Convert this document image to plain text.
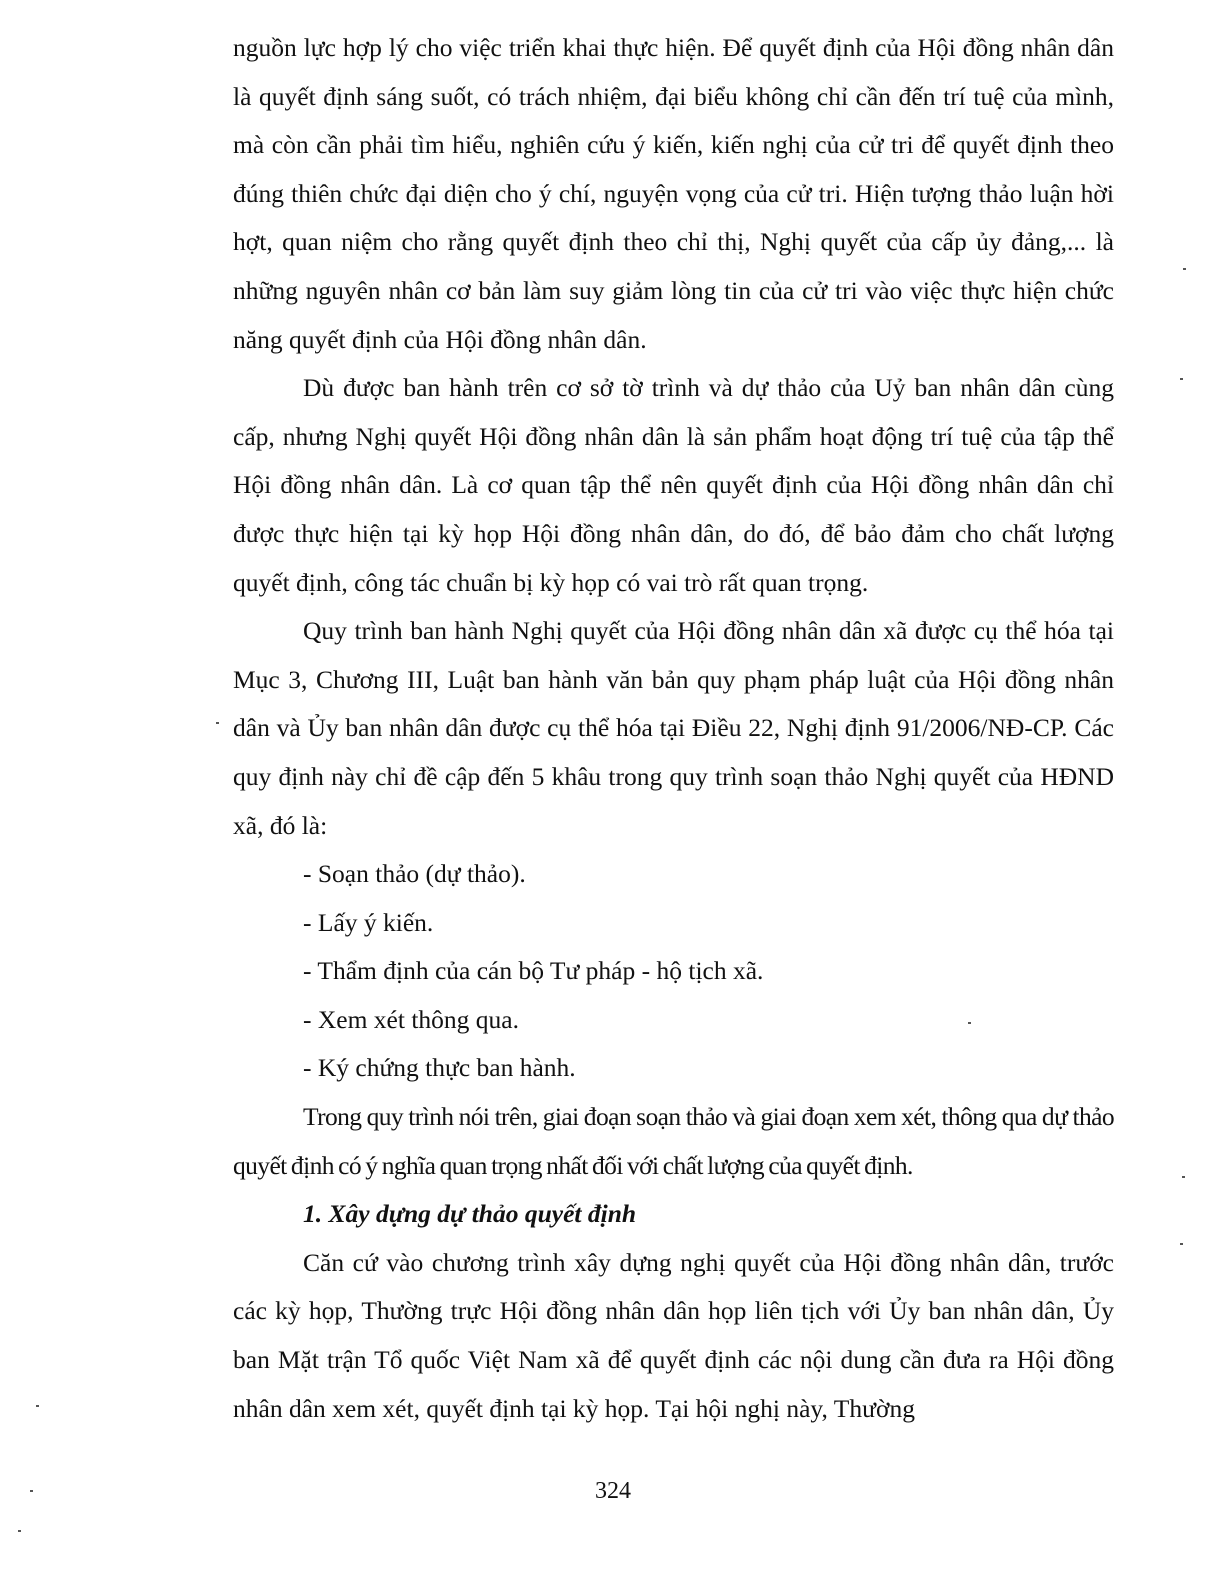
nguồn lực hợp lý cho việc triển khai thực hiện. Để quyết định của Hội đồng nhân dân là quyết định sáng suốt, có trách nhiệm, đại biểu không chỉ cần đến trí tuệ của mình, mà còn cần phải tìm hiểu, nghiên cứu ý kiến, kiến nghị của cử tri để quyết định theo đúng thiên chức đại diện cho ý chí, nguyện vọng của cử tri. Hiện tượng thảo luận hời hợt, quan niệm cho rằng quyết định theo chỉ thị, Nghị quyết của cấp ủy đảng,... là những nguyên nhân cơ bản làm suy giảm lòng tin của cử tri vào việc thực hiện chức năng quyết định của Hội đồng nhân dân.

Dù được ban hành trên cơ sở tờ trình và dự thảo của Uỷ ban nhân dân cùng cấp, nhưng Nghị quyết Hội đồng nhân dân là sản phẩm hoạt động trí tuệ của tập thể Hội đồng nhân dân. Là cơ quan tập thể nên quyết định của Hội đồng nhân dân chỉ được thực hiện tại kỳ họp Hội đồng nhân dân, do đó, để bảo đảm cho chất lượng quyết định, công tác chuẩn bị kỳ họp có vai trò rất quan trọng.

Quy trình ban hành Nghị quyết của Hội đồng nhân dân xã được cụ thể hóa tại Mục 3, Chương III, Luật ban hành văn bản quy phạm pháp luật của Hội đồng nhân dân và Ủy ban nhân dân được cụ thể hóa tại Điều 22, Nghị định 91/2006/NĐ-CP. Các quy định này chỉ đề cập đến 5 khâu trong quy trình soạn thảo Nghị quyết của HĐND xã, đó là:

- Soạn thảo (dự thảo).
- Lấy ý kiến.
- Thẩm định của cán bộ Tư pháp - hộ tịch xã.
- Xem xét thông qua.
- Ký chứng thực ban hành.

Trong quy trình nói trên, giai đoạn soạn thảo và giai đoạn xem xét, thông qua dự thảo quyết định có ý nghĩa quan trọng nhất đối với chất lượng của quyết định.

1. Xây dựng dự thảo quyết định

Căn cứ vào chương trình xây dựng nghị quyết của Hội đồng nhân dân, trước các kỳ họp, Thường trực Hội đồng nhân dân họp liên tịch với Ủy ban nhân dân, Ủy ban Mặt trận Tổ quốc Việt Nam xã để quyết định các nội dung cần đưa ra Hội đồng nhân dân xem xét, quyết định tại kỳ họp. Tại hội nghị này, Thường

324
